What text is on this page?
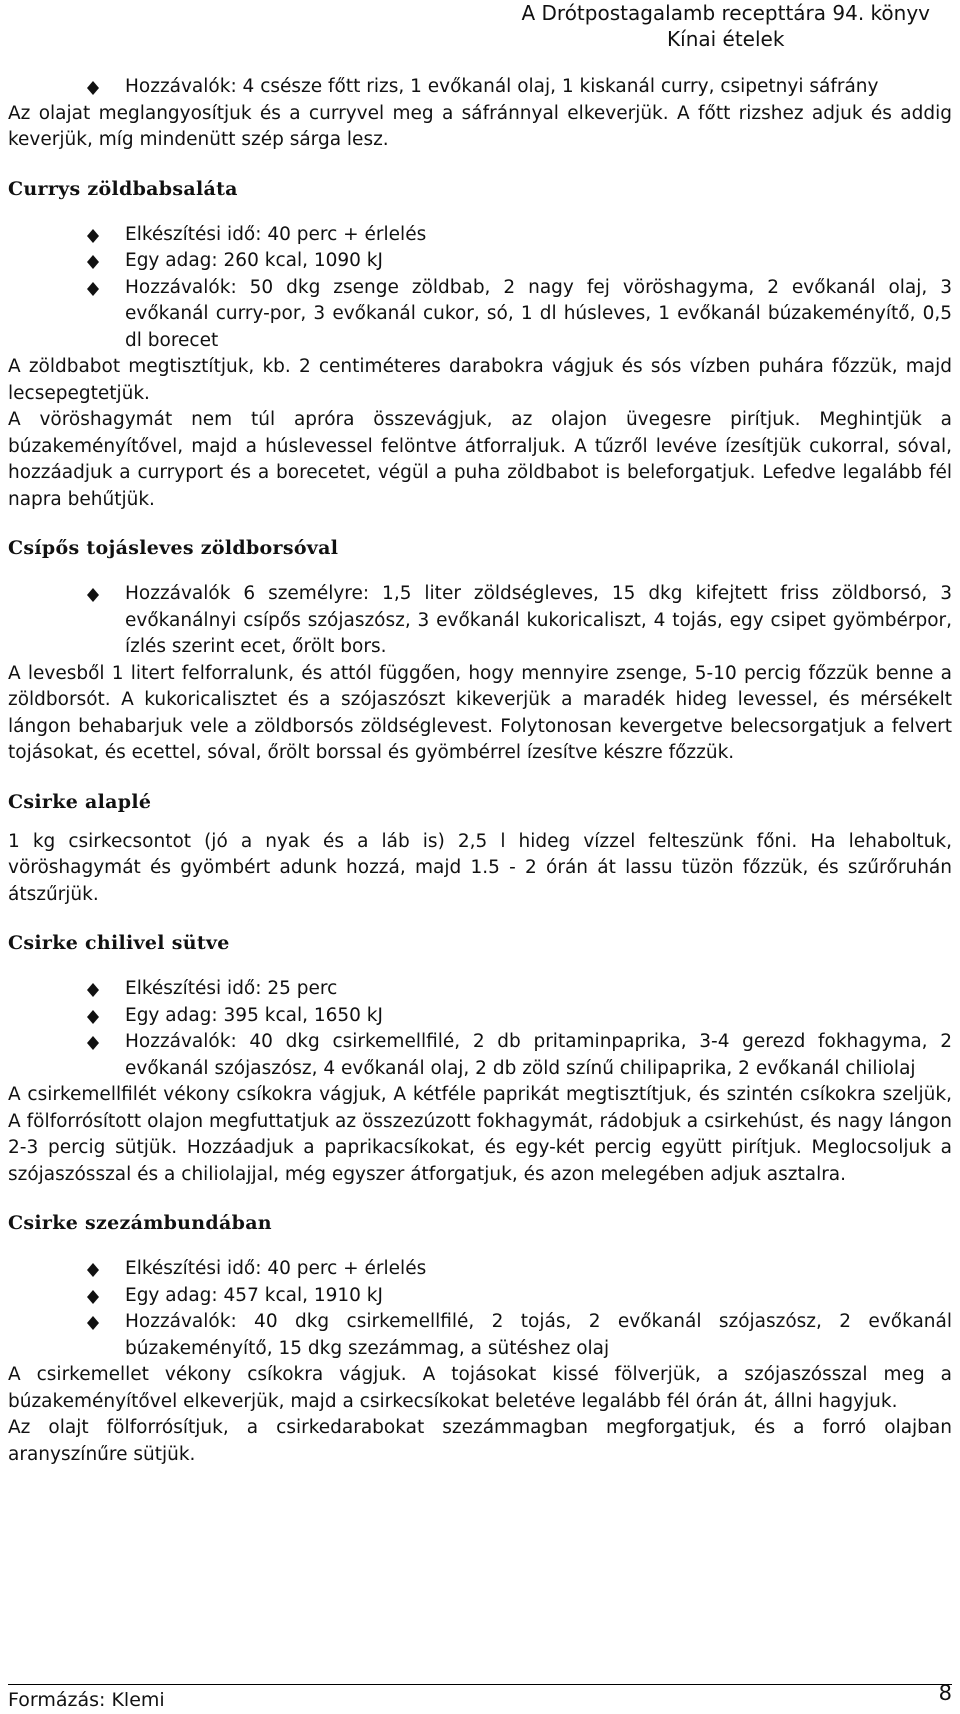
A Drótpostagalamb recepttára 94. könyv
Kínai ételek
Hozzávalók: 4 csésze főtt rizs, 1 evőkanál olaj, 1 kiskanál curry, csipetnyi sáfrány

Az olajat meglangyosítjuk és a curryvel meg a sáfránnyal elkeverjük. A főtt rizshez adjuk és addig keverjük, míg mindenütt szép sárga lesz.

Currys zöldbabsaláta
Elkészítési idő: 40 perc + érlelés
Egy adag: 260 kcal, 1090 kJ
Hozzávalók: 50 dkg zsenge zöldbab, 2 nagy fej vöröshagyma, 2 evőkanál olaj, 3 evőkanál curry-por, 3 evőkanál cukor, só, 1 dl húsleves, 1 evőkanál búzakeményítő, 0,5 dl borecet

A zöldbabot megtisztítjuk, kb. 2 centiméteres darabokra vágjuk és sós vízben puhára főzzük, majd lecsepegtetjük.

A vöröshagymát nem túl apróra összevágjuk, az olajon üvegesre pirítjuk. Meghintjük a búzakeményítővel, majd a húslevessel felöntve átforraljuk. A tűzről levéve ízesítjük cukorral, sóval, hozzáadjuk a curryport és a borecetet, végül a puha zöldbabot is beleforgatjuk. Lefedve legalább fél napra behűtjük.

Csípős tojásleves zöldborsóval
Hozzávalók 6 személyre: 1,5 liter zöldségleves, 15 dkg kifejtett friss zöldborsó, 3 evőkanálnyi csípős szójaszósz, 3 evőkanál kukoricaliszt, 4 tojás, egy csipet gyömbérpor, ízlés szerint ecet, őrölt bors.

A levesből 1 litert felforralunk, és attól függően, hogy mennyire zsenge, 5-10 percig főzzük benne a zöldborsót. A kukoricalisztet és a szójaszószt kikeverjük a maradék hideg levessel, és mérsékelt lángon behabarjuk vele a zöldborsós zöldséglevest. Folytonosan kevergetve belecsorgatjuk a felvert tojásokat, és ecettel, sóval, őrölt borssal és gyömbérrel ízesítve készre főzzük.

Csirke alaplé

1 kg csirkecsontot (jó a nyak és a láb is) 2,5 l hideg vízzel felteszünk főni. Ha lehaboltuk, vöröshagymát és gyömbért adunk hozzá, majd 1.5 - 2 órán át lassu tüzön főzzük, és szűrőruhán átszűrjük.

Csirke chilivel sütve
Elkészítési idő: 25 perc
Egy adag: 395 kcal, 1650 kJ
Hozzávalók: 40 dkg csirkemellfilé, 2 db pritaminpaprika, 3-4 gerezd fokhagyma, 2 evőkanál szójaszósz, 4 evőkanál olaj, 2 db zöld színű chilipaprika, 2 evőkanál chiliolaj

A csirkemellfilét vékony csíkokra vágjuk, A kétféle paprikát megtisztítjuk, és szintén csíkokra szeljük, A fölforrósított olajon megfuttatjuk az összezúzott fokhagymát, rádobjuk a csirkehúst, és nagy lángon 2-3 percig sütjük. Hozzáadjuk a paprikacsíkokat, és egy-két percig együtt pirítjuk. Meglocsoljuk a szójaszósszal és a chiliolajjal, még egyszer átforgatjuk, és azon melegében adjuk asztalra.

Csirke szezámbundában
Elkészítési idő: 40 perc + érlelés
Egy adag: 457 kcal, 1910 kJ
Hozzávalók: 40 dkg csirkemellfilé, 2 tojás, 2 evőkanál szójaszósz, 2 evőkanál búzakeményítő, 15 dkg szezámmag, a sütéshez olaj

A csirkemellet vékony csíkokra vágjuk. A tojásokat kissé fölverjük, a szójaszósszal meg a búzakeményítővel elkeverjük, majd a csirkecsíkokat beletéve legalább fél órán át, állni hagyjuk.

Az olajt fölforrósítjuk, a csirkedarabokat szezámmagban megforgatjuk, és a forró olajban aranyszínűre sütjük.

Formázás: Klemi	8
